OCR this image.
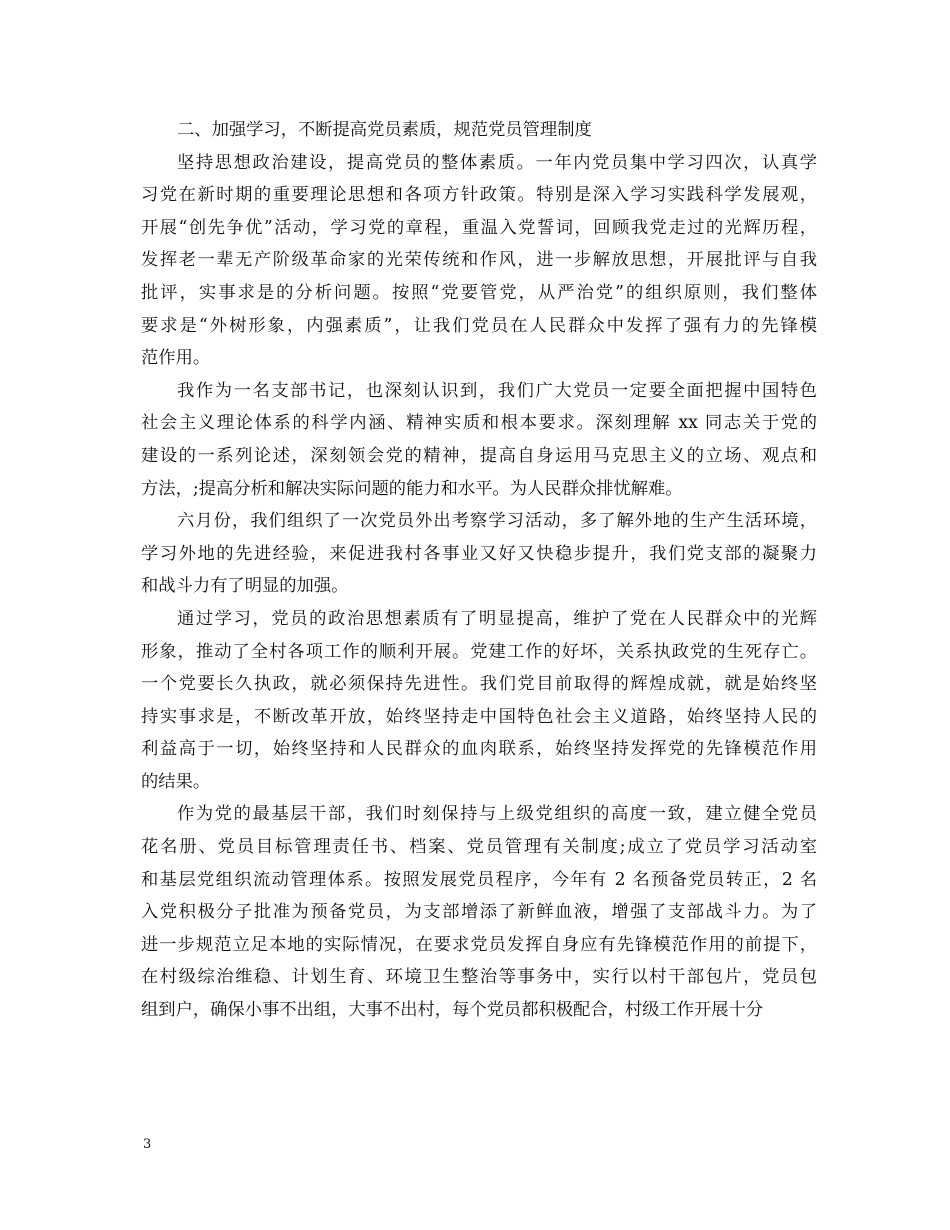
二、加强学习，不断提高党员素质，规范党员管理制度

坚持思想政治建设，提高党员的整体素质。一年内党员集中学习四次，认真学
习党在新时期的重要理论思想和各项方针政策。特别是深入学习实践科学发展观，
开展“创先争优”活动，学习党的章程，重温入党誓词，回顾我党走过的光辉历程，
发挥老一辈无产阶级革命家的光荣传统和作风，进一步解放思想，开展批评与自我
批评，实事求是的分析问题。按照“党要管党，从严治党”的组织原则，我们整体
要求是“外树形象，内强素质”，让我们党员在人民群众中发挥了强有力的先锋模
范作用。
我作为一名支部书记，也深刻认识到，我们广大党员一定要全面把握中国特色
社会主义理论体系的科学内涵、精神实质和根本要求。深刻理解 xx 同志关于党的
建设的一系列论述，深刻领会党的精神，提高自身运用马克思主义的立场、观点和
方法，;提高分析和解决实际问题的能力和水平。为人民群众排忧解难。
六月份，我们组织了一次党员外出考察学习活动，多了解外地的生产生活环境，
学习外地的先进经验，来促进我村各事业又好又快稳步提升，我们党支部的凝聚力
和战斗力有了明显的加强。
通过学习，党员的政治思想素质有了明显提高，维护了党在人民群众中的光辉
形象，推动了全村各项工作的顺利开展。党建工作的好坏，关系执政党的生死存亡。
一个党要长久执政，就必须保持先进性。我们党目前取得的辉煌成就，就是始终坚
持实事求是，不断改革开放，始终坚持走中国特色社会主义道路，始终坚持人民的
利益高于一切，始终坚持和人民群众的血肉联系，始终坚持发挥党的先锋模范作用
的结果。
作为党的最基层干部，我们时刻保持与上级党组织的高度一致，建立健全党员
花名册、党员目标管理责任书、档案、党员管理有关制度;成立了党员学习活动室
和基层党组织流动管理体系。按照发展党员程序，今年有 2 名预备党员转正，2 名
入党积极分子批准为预备党员，为支部增添了新鲜血液，增强了支部战斗力。为了
进一步规范立足本地的实际情况，在要求党员发挥自身应有先锋模范作用的前提下，
在村级综治维稳、计划生育、环境卫生整治等事务中，实行以村干部包片，党员包
组到户，确保小事不出组，大事不出村，每个党员都积极配合，村级工作开展十分
3
